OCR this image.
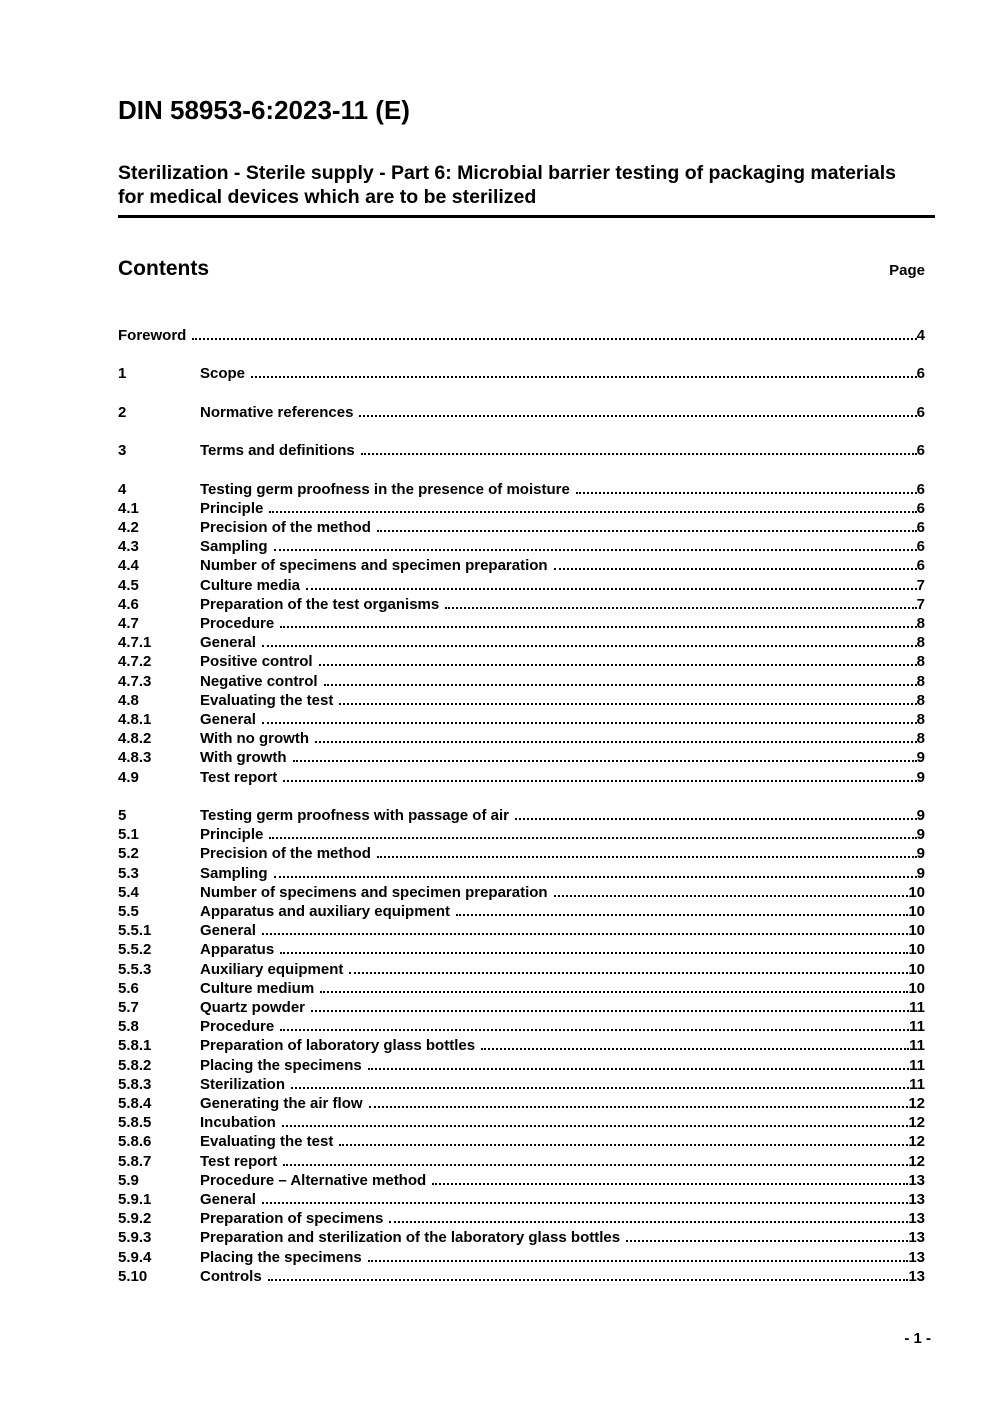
DIN 58953-6:2023-11 (E)
Sterilization - Sterile supply - Part 6: Microbial barrier testing of packaging materials for medical devices which are to be sterilized
Contents	Page
Foreword	4
1	Scope	6
2	Normative references	6
3	Terms and definitions	6
4	Testing germ proofness in the presence of moisture	6
4.1	Principle	6
4.2	Precision of the method	6
4.3	Sampling	6
4.4	Number of specimens and specimen preparation	6
4.5	Culture media	7
4.6	Preparation of the test organisms	7
4.7	Procedure	8
4.7.1	General	8
4.7.2	Positive control	8
4.7.3	Negative control	8
4.8	Evaluating the test	8
4.8.1	General	8
4.8.2	With no growth	8
4.8.3	With growth	9
4.9	Test report	9
5	Testing germ proofness with passage of air	9
5.1	Principle	9
5.2	Precision of the method	9
5.3	Sampling	9
5.4	Number of specimens and specimen preparation	10
5.5	Apparatus and auxiliary equipment	10
5.5.1	General	10
5.5.2	Apparatus	10
5.5.3	Auxiliary equipment	10
5.6	Culture medium	10
5.7	Quartz powder	11
5.8	Procedure	11
5.8.1	Preparation of laboratory glass bottles	11
5.8.2	Placing the specimens	11
5.8.3	Sterilization	11
5.8.4	Generating the air flow	12
5.8.5	Incubation	12
5.8.6	Evaluating the test	12
5.8.7	Test report	12
5.9	Procedure – Alternative method	13
5.9.1	General	13
5.9.2	Preparation of specimens	13
5.9.3	Preparation and sterilization of the laboratory glass bottles	13
5.9.4	Placing the specimens	13
5.10	Controls	13
- 1 -
